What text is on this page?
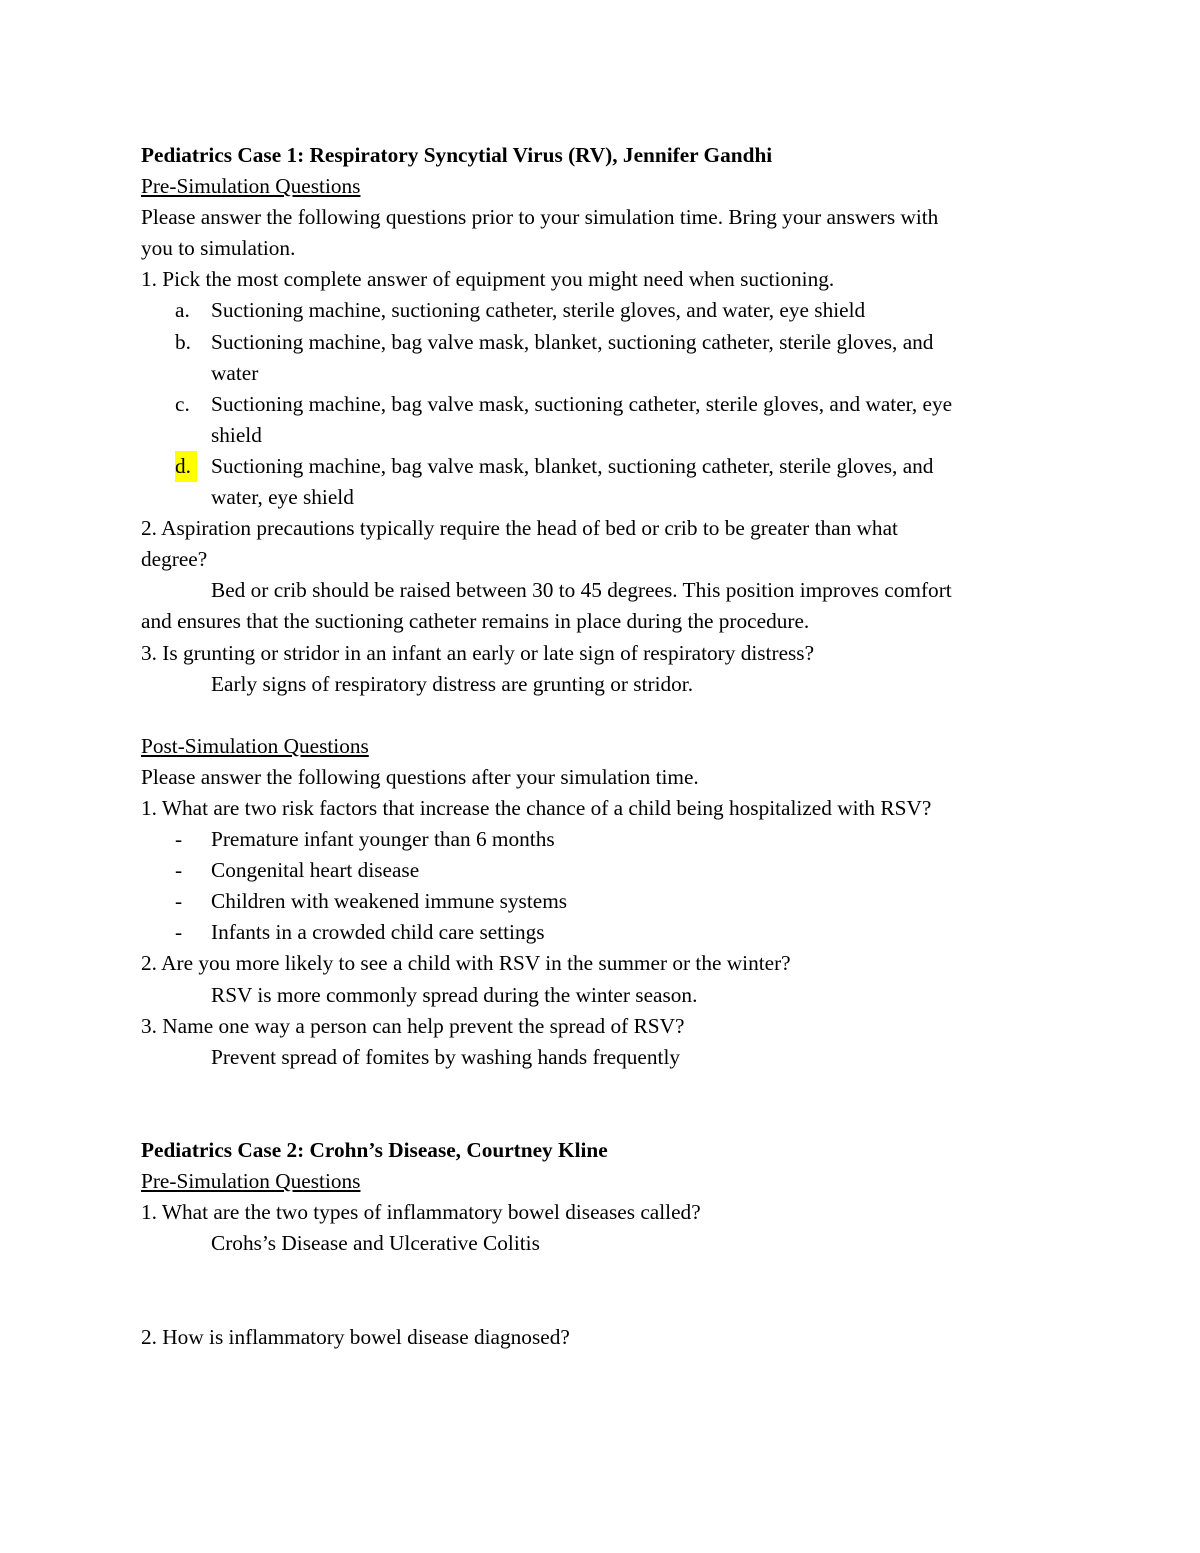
Pediatrics Case 1: Respiratory Syncytial Virus (RV), Jennifer Gandhi
Pre-Simulation Questions
Please answer the following questions prior to your simulation time. Bring your answers with
you to simulation.
1. Pick the most complete answer of equipment you might need when suctioning.
a. Suctioning machine, suctioning catheter, sterile gloves, and water, eye shield
b. Suctioning machine, bag valve mask, blanket, suctioning catheter, sterile gloves, and
water
c. Suctioning machine, bag valve mask, suctioning catheter, sterile gloves, and water, eye
shield
d. Suctioning machine, bag valve mask, blanket, suctioning catheter, sterile gloves, and
water, eye shield
2. Aspiration precautions typically require the head of bed or crib to be greater than what
degree?
Bed or crib should be raised between 30 to 45 degrees. This position improves comfort
and ensures that the suctioning catheter remains in place during the procedure.
3. Is grunting or stridor in an infant an early or late sign of respiratory distress?
Early signs of respiratory distress are grunting or stridor.
Post-Simulation Questions
Please answer the following questions after your simulation time.
1. What are two risk factors that increase the chance of a child being hospitalized with RSV?
- Premature infant younger than 6 months
- Congenital heart disease
- Children with weakened immune systems
- Infants in a crowded child care settings
2. Are you more likely to see a child with RSV in the summer or the winter?
RSV is more commonly spread during the winter season.
3. Name one way a person can help prevent the spread of RSV?
Prevent spread of fomites by washing hands frequently
Pediatrics Case 2: Crohn’s Disease, Courtney Kline
Pre-Simulation Questions
1. What are the two types of inflammatory bowel diseases called?
Crohs’s Disease and Ulcerative Colitis
2. How is inflammatory bowel disease diagnosed?
